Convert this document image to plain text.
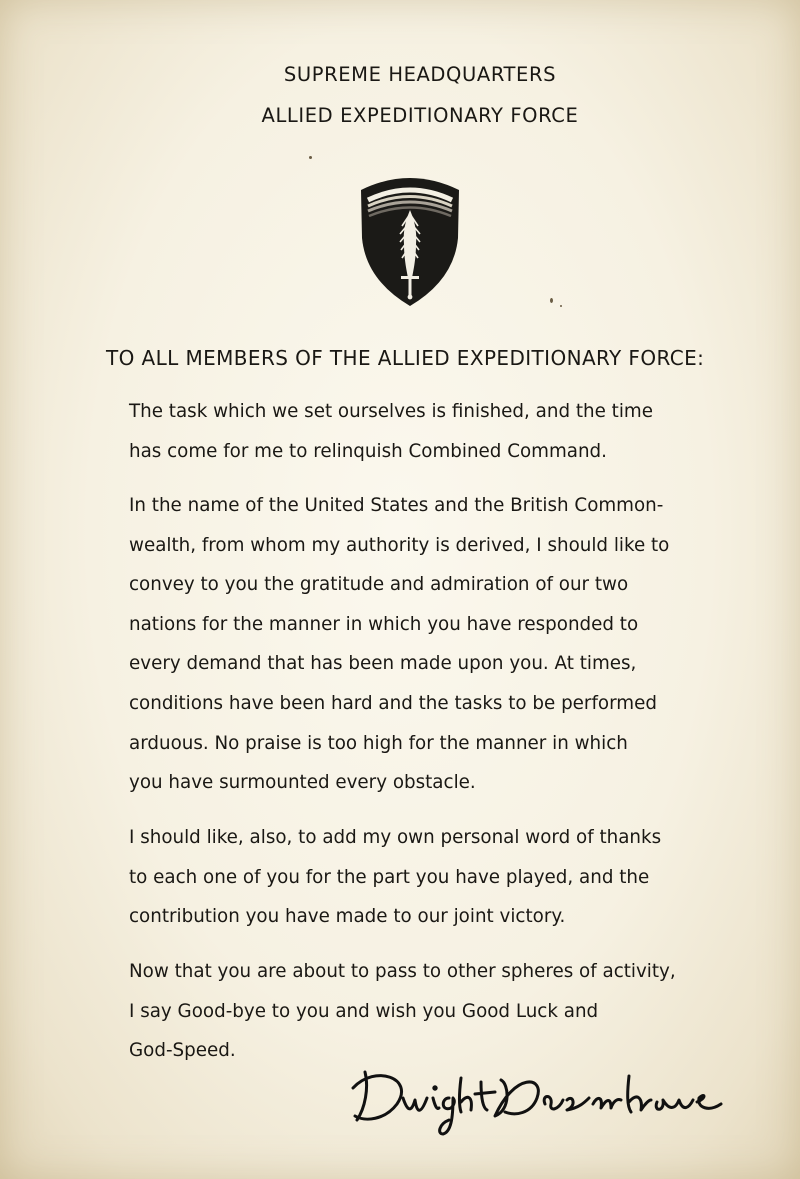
SUPREME HEADQUARTERS
ALLIED EXPEDITIONARY FORCE
TO ALL MEMBERS OF THE ALLIED EXPEDITIONARY FORCE:
The task which we set ourselves is finished, and the time
has come for me to relinquish Combined Command.
In the name of the United States and the British Common-
wealth, from whom my authority is derived, I should like to
convey to you the gratitude and admiration of our two
nations for the manner in which you have responded to
every demand that has been made upon you. At times,
conditions have been hard and the tasks to be performed
arduous. No praise is too high for the manner in which
you have surmounted every obstacle.
I should like, also, to add my own personal word of thanks
to each one of you for the part you have played, and the
contribution you have made to our joint victory.
Now that you are about to pass to other spheres of activity,
I say Good-bye to you and wish you Good Luck and
God-Speed.
